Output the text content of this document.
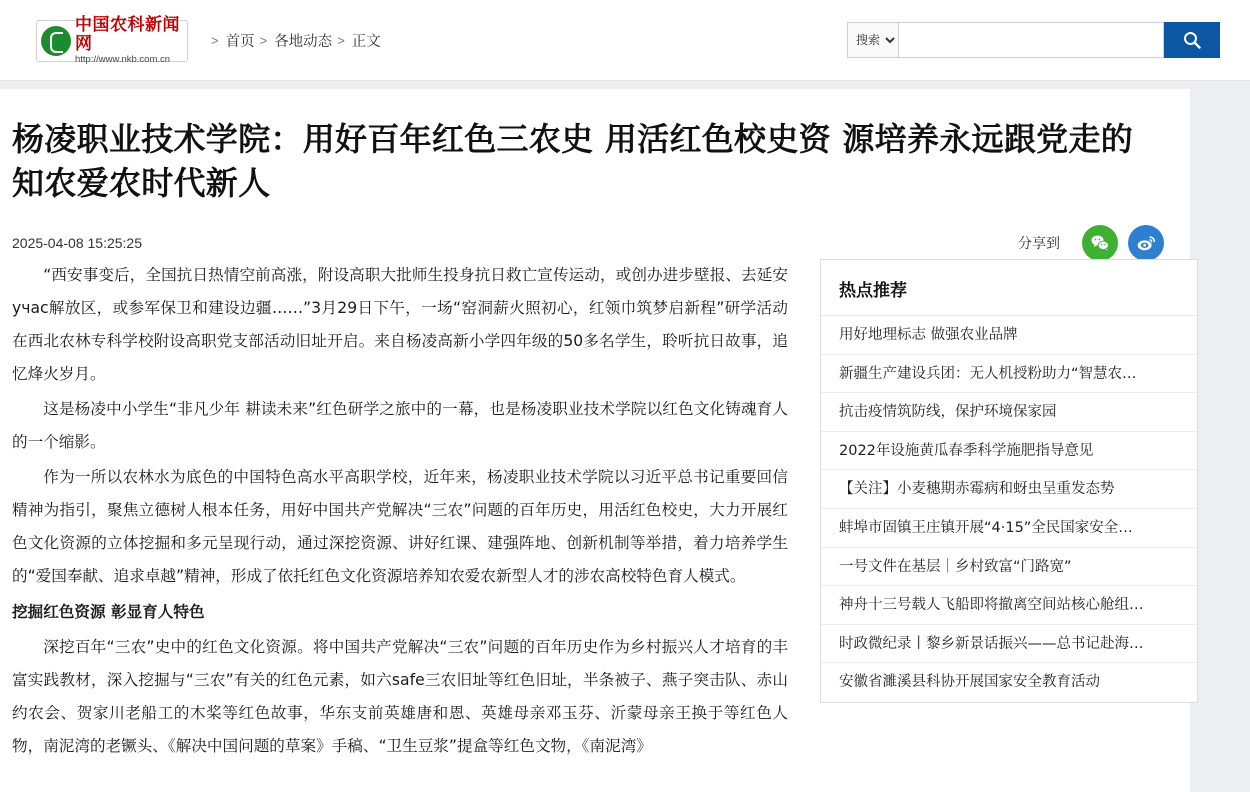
中国农科新闻网
http://www.nkb.com.cn
> 首页 > 各地动态 > 正文
搜索
杨凌职业技术学院：用好百年红色三农史 用活红色校史资 源培养永远跟党走的知农爱农时代新人
2025-04-08 15:25:25	分享到

“西安事变后，全国抗日热情空前高涨，附设高职大批师生投身抗日救亡宣传运动，或创办进步壁报、去延安учас解放区，或参军保卫和建设边疆……”3月29日下午，一场“窑洞薪火照初心，红领巾筑梦启新程”研学活动在西北农林专科学校附设高职党支部活动旧址开启。来自杨凌高新小学四年级的50多名学生，聆听抗日故事，追忆烽火岁月。

这是杨凌中小学生“非凡少年 耕读未来”红色研学之旅中的一幕，也是杨凌职业技术学院以红色文化铸魂育人的一个缩影。

作为一所以农林水为底色的中国特色高水平高职学校，近年来，杨凌职业技术学院以习近平总书记重要回信精神为指引，聚焦立德树人根本任务，用好中国共产党解决“三农”问题的百年历史，用活红色校史，大力开展红色文化资源的立体挖掘和多元呈现行动，通过深挖资源、讲好红课、建强阵地、创新机制等举措，着力培养学生的“爱国奉献、追求卓越”精神，形成了依托红色文化资源培养知农爱农新型人才的涉农高校特色育人模式。

挖掘红色资源 彰显育人特色

深挖百年“三农”史中的红色文化资源。将中国共产党解决“三农”问题的百年历史作为乡村振兴人才培育的丰富实践教材，深入挖掘与“三农”有关的红色元素，如六safe三农旧址等红色旧址，半条被子、燕子突击队、赤山约农会、贺家川老船工的木桨等红色故事，华东支前英雄唐和恩、英雄母亲邓玉芬、沂蒙母亲王换于等红色人物，南泥湾的老镢头、《解决中国问题的草案》手稿、“卫生豆浆”提盒等红色文物，《南泥湾》

热点推荐
用好地理标志 做强农业品牌
新疆生产建设兵团：无人机授粉助力“智慧农…
抗击疫情筑防线，保护环境保家园
2022年设施黄瓜春季科学施肥指导意见
【关注】小麦穗期赤霉病和蚜虫呈重发态势
蚌埠市固镇王庄镇开展“4·15”全民国家安全…
一号文件在基层｜乡村致富“门路宽”
神舟十三号载人飞船即将撤离空间站核心舱组…
时政微纪录丨黎乡新景话振兴——总书记赴海…
安徽省濉溪县科协开展国家安全教育活动
